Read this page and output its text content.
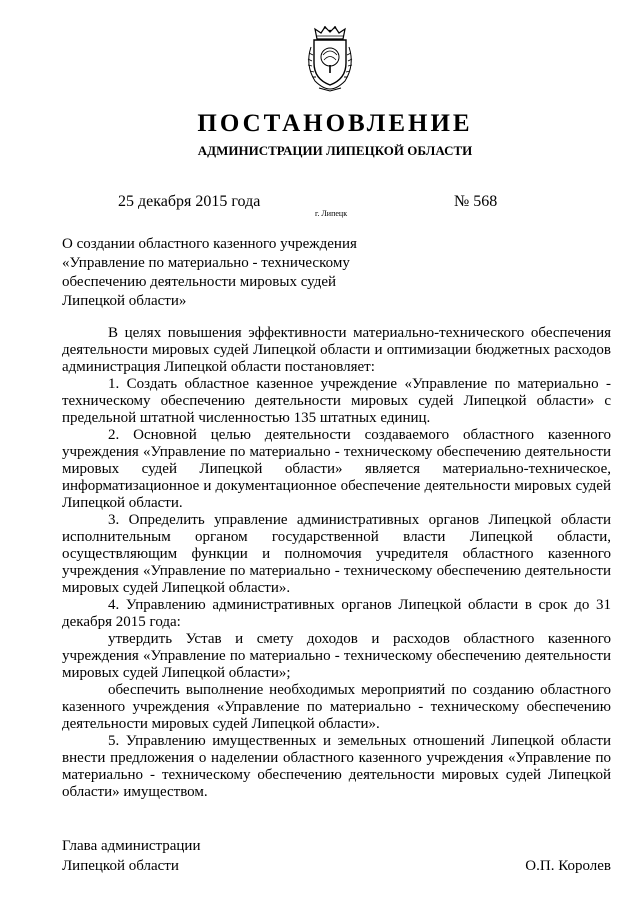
ПОСТАНОВЛЕНИЕ
АДМИНИСТРАЦИИ ЛИПЕЦКОЙ ОБЛАСТИ
25 декабря 2015 года
г. Липецк
№ 568
О создании областного казенного учреждения
«Управление по материально - техническому
обеспечению деятельности мировых судей
Липецкой области»

В целях повышения эффективности материально-технического обеспечения деятельности мировых судей Липецкой области и оптимизации бюджетных расходов администрация Липецкой области постановляет:

1. Создать областное казенное учреждение «Управление по материально - техническому обеспечению деятельности мировых судей Липецкой области» с предельной штатной численностью 135 штатных единиц.

2. Основной целью деятельности создаваемого областного казенного учреждения «Управление по материально - техническому обеспечению деятельности мировых судей Липецкой области» является материально-техническое, информатизационное и документационное обеспечение деятельности мировых судей Липецкой области.

3. Определить управление административных органов Липецкой области исполнительным органом государственной власти Липецкой области, осуществляющим функции и полномочия учредителя областного казенного учреждения «Управление по материально - техническому обеспечению деятельности мировых судей Липецкой области».

4. Управлению административных органов Липецкой области в срок до 31 декабря 2015 года:

утвердить Устав и смету доходов и расходов областного казенного учреждения «Управление по материально - техническому обеспечению деятельности мировых судей Липецкой области»;

обеспечить выполнение необходимых мероприятий по созданию областного казенного учреждения «Управление по материально - техническому обеспечению деятельности мировых судей Липецкой области».

5. Управлению имущественных и земельных отношений Липецкой области внести предложения о наделении областного казенного учреждения «Управление по материально - техническому обеспечению деятельности мировых судей Липецкой области» имуществом.

Глава администрации
Липецкой области	О.П. Королев
